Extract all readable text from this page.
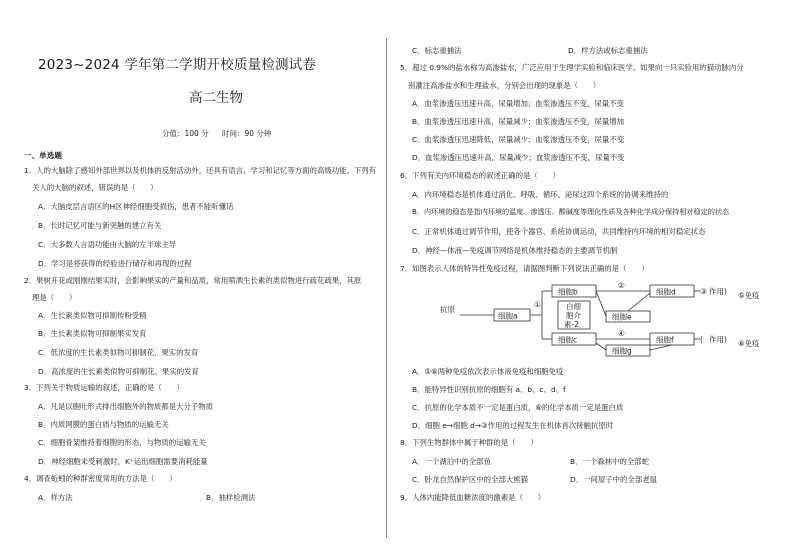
2023~2024 学年第二学期开校质量检测试卷
高二生物
分值：100 分 时间：90 分钟
一、单选题
1．人的大脑除了感知外部世界以及机体的反射活动外，还具有语言、学习和记忆等方面的高级功能。下列有
关人的大脑的叙述，错误的是（　　）
A．大脑皮层言语区的H区神经细胞受损伤，患者不能听懂话
B．长时记忆可能与新突触的建立有关
C．大多数人言语功能由大脑的左半球主导
D．学习是将获得的经验进行储存和再现的过程
2．果树开花或刚刚结果实时，会影响果实的产量和品质，常用喷洒生长素的类似物进行疏花疏果，其原
理是（　　）
A．生长素类似物可抑制传粉受精
B．生长素类似物可抑制果实发育
C．低浓度的生长素类似物可抑制花、果实的发育
D．高浓度的生长素类似物可抑制花、果实的发育
3．下列关于物质运输的叙述，正确的是（　　）
A．凡是以胞吐形式排出细胞外的物质都是大分子物质
B．内质网膜的蛋白质与物质的运输无关
C．细胞骨架维持着细胞的形态，与物质的运输无关
D．神经细胞未受刺激时，K⁺运出细胞需要消耗能量
4．调查蚯蚓的种群密度常用的方法是（　　）
A．样方法	B．抽样检测法
C．标志重捕法	D．样方法或标志重捕法
5．超过 0.9%的盐水称为高渗盐水，广泛应用于生理学实验和临床医学。如果向一只实验用的猫动脉内分
别灌注高渗盐水和生理盐水，分别会出现的现象是（　　）
A．血浆渗透压迅速升高，尿量增加；血浆渗透压不变，尿量不变
B．血浆渗透压迅速升高，尿量减少；血浆渗透压不变，尿量增加
C．血浆渗透压迅速降低，尿量减少；血浆渗透压不变，尿量不变
D．血浆渗透压迅速升高，尿量减少；血浆渗透压不变，尿量不变
6．下列有关内环境稳态的叙述正确的是（　　）
A．内环境稳态是机体通过消化、呼吸、循环、泌尿这四个系统的协调来维持的
B．内环境的稳态是指内环境的温度、渗透压、酸碱度等理化性质及各种化学成分保持相对稳定的状态
C．正常机体通过调节作用，使各个器官、系统协调运动，共同维持内环境的相对稳定状态
D．神经—体液—免疫调节网络是机体维持稳态的主要调节机制
7．如图表示人体的特异性免疫过程，请据图判断下列说法正确的是（　　）
抗原
细胞a
细胞b
细胞c
白细
胞介
素-2
细胞e
细胞g
细胞d
细胞f
①
②
③
④
(
作用
作用
)
)
⑤免疫
⑥免疫
A．⑤⑥两种免疫依次表示体液免疫和细胞免疫
B．能特异性识别抗原的细胞有 a、b、c、d、f
C．抗原的化学本质不一定是蛋白质，⑥的化学本质一定是蛋白质
D．细胞 e→细胞 d→③作用的过程发生在机体首次接触抗原时
8．下列生物群体中属于种群的是（　　）
A．一个湖泊中的全部鱼	B．一个森林中的全部蛇
C．卧龙自然保护区中的全部大熊猫	D．一间屋子中的全部老鼠
9．人体内能降低血糖浓度的激素是（　　）
